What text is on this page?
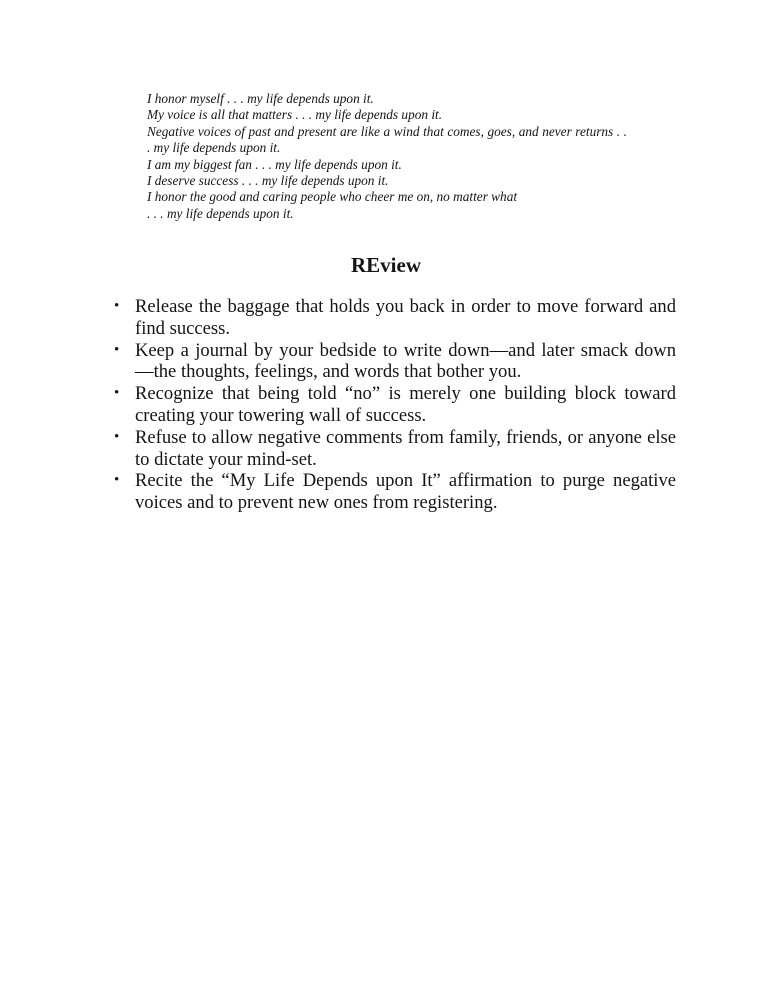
I honor myself . . . my life depends upon it.

My voice is all that matters . . . my life depends upon it.

Negative voices of past and present are like a wind that comes, goes, and never returns . . . my life depends upon it.

I am my biggest fan . . . my life depends upon it.

I deserve success . . . my life depends upon it.

I honor the good and caring people who cheer me on, no matter what

. . . my life depends upon it.

REview
• Release the baggage that holds you back in order to move forward and find success.
• Keep a journal by your bedside to write down—and later smack down —the thoughts, feelings, and words that bother you.
• Recognize that being told “no” is merely one building block toward creating your towering wall of success.
• Refuse to allow negative comments from family, friends, or anyone else to dictate your mind-set.
• Recite the “My Life Depends upon It” affirmation to purge negative voices and to prevent new ones from registering.
